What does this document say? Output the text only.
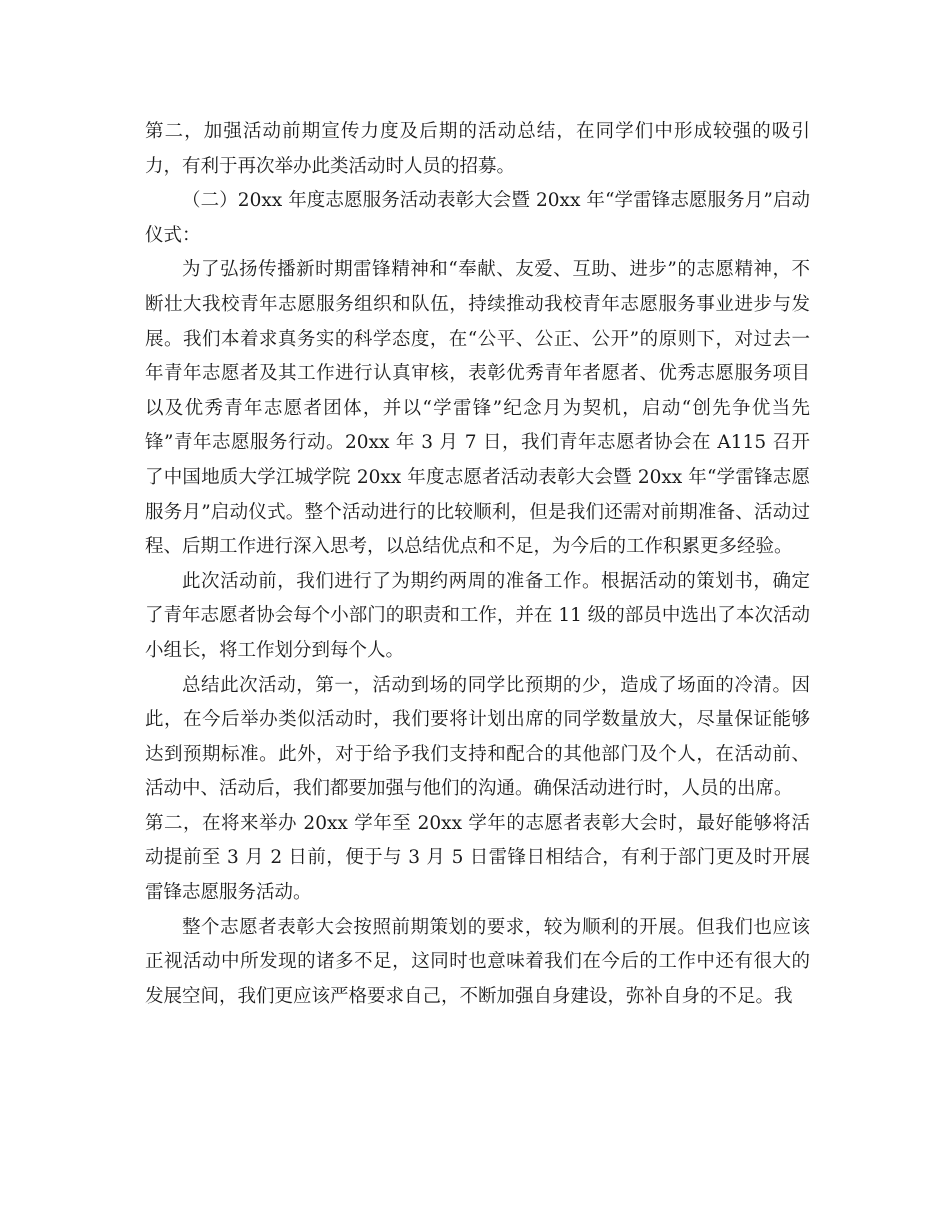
第二，加强活动前期宣传力度及后期的活动总结，在同学们中形成较强的吸引力，有利于再次举办此类活动时人员的招募。

（二）20xx 年度志愿服务活动表彰大会暨 20xx 年“学雷锋志愿服务月”启动仪式：

为了弘扬传播新时期雷锋精神和“奉献、友爱、互助、进步”的志愿精神，不断壮大我校青年志愿服务组织和队伍，持续推动我校青年志愿服务事业进步与发展。我们本着求真务实的科学态度，在“公平、公正、公开”的原则下，对过去一年青年志愿者及其工作进行认真审核，表彰优秀青年者愿者、优秀志愿服务项目以及优秀青年志愿者团体，并以“学雷锋”纪念月为契机，启动“创先争优当先锋”青年志愿服务行动。20xx 年 3 月 7 日，我们青年志愿者协会在 A115 召开了中国地质大学江城学院 20xx 年度志愿者活动表彰大会暨 20xx 年“学雷锋志愿服务月”启动仪式。整个活动进行的比较顺利，但是我们还需对前期准备、活动过程、后期工作进行深入思考，以总结优点和不足，为今后的工作积累更多经验。

此次活动前，我们进行了为期约两周的准备工作。根据活动的策划书，确定了青年志愿者协会每个小部门的职责和工作，并在 11 级的部员中选出了本次活动小组长，将工作划分到每个人。

总结此次活动，第一，活动到场的同学比预期的少，造成了场面的冷清。因此，在今后举办类似活动时，我们要将计划出席的同学数量放大，尽量保证能够达到预期标准。此外，对于给予我们支持和配合的其他部门及个人，在活动前、活动中、活动后，我们都要加强与他们的沟通。确保活动进行时，人员的出席。

第二，在将来举办 20xx 学年至 20xx 学年的志愿者表彰大会时，最好能够将活动提前至 3 月 2 日前，便于与 3 月 5 日雷锋日相结合，有利于部门更及时开展雷锋志愿服务活动。

整个志愿者表彰大会按照前期策划的要求，较为顺利的开展。但我们也应该正视活动中所发现的诸多不足，这同时也意味着我们在今后的工作中还有很大的发展空间，我们更应该严格要求自己，不断加强自身建设，弥补自身的不足。我
